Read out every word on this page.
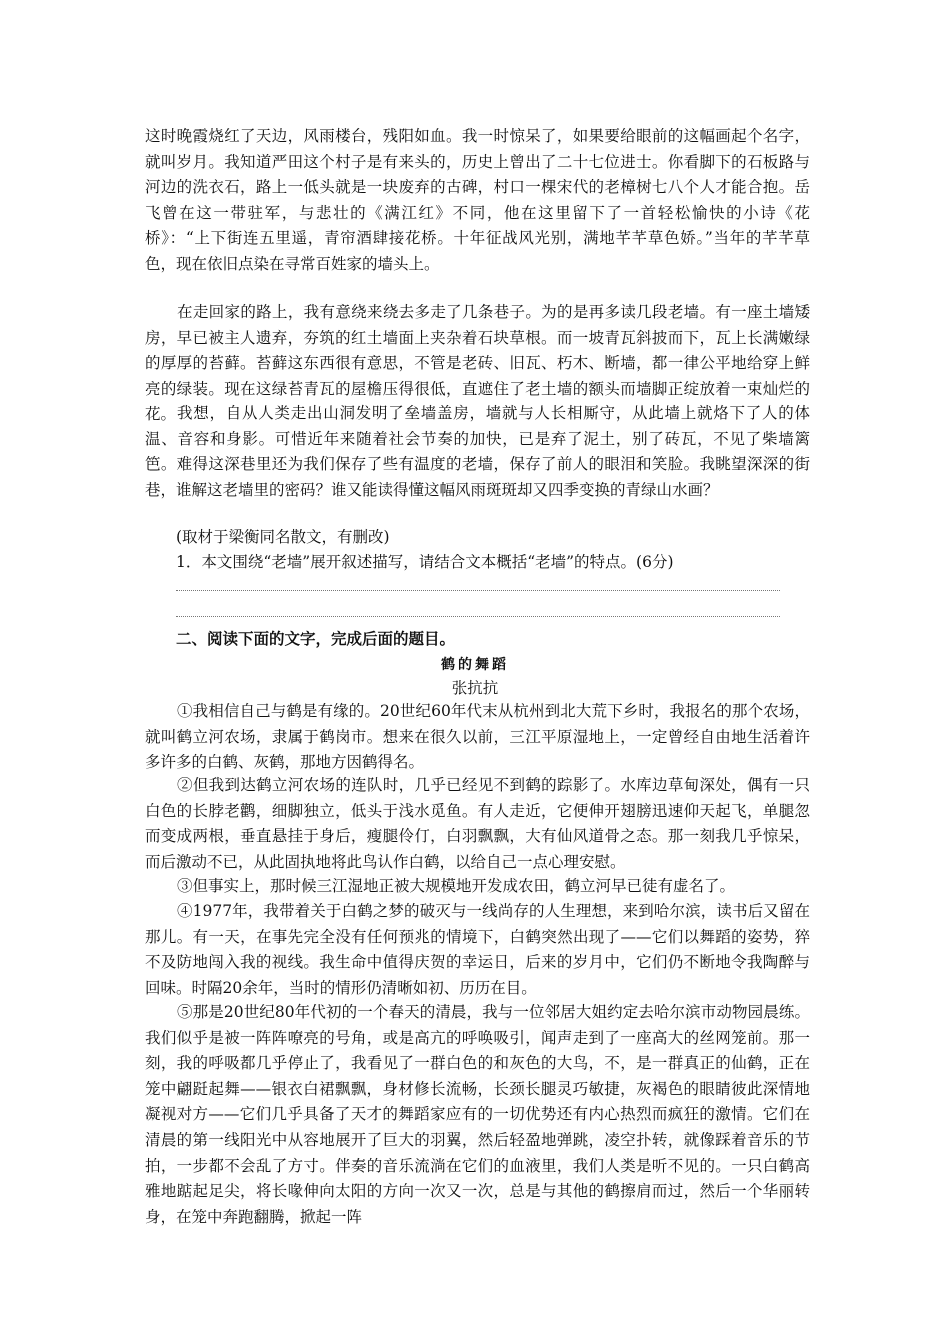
这时晚霞烧红了天边，风雨楼台，残阳如血。我一时惊呆了，如果要给眼前的这幅画起个名字，就叫岁月。我知道严田这个村子是有来头的，历史上曾出了二十七位进士。你看脚下的石板路与河边的洗衣石，路上一低头就是一块废弃的古碑，村口一棵宋代的老樟树七八个人才能合抱。岳飞曾在这一带驻军，与悲壮的《满江红》不同，他在这里留下了一首轻松愉快的小诗《花桥》：“上下街连五里遥，青帘酒肆接花桥。十年征战风光别，满地芊芊草色娇。”当年的芊芊草色，现在依旧点染在寻常百姓家的墙头上。

在走回家的路上，我有意绕来绕去多走了几条巷子。为的是再多读几段老墙。有一座土墙矮房，早已被主人遗弃，夯筑的红土墙面上夹杂着石块草根。而一坡青瓦斜披而下，瓦上长满嫩绿的厚厚的苔藓。苔藓这东西很有意思，不管是老砖、旧瓦、朽木、断墙，都一律公平地给穿上鲜亮的绿装。现在这绿苔青瓦的屋檐压得很低，直遮住了老土墙的额头而墙脚正绽放着一束灿烂的花。 我想，自从人类走出山洞发明了垒墙盖房，墙就与人长相厮守，从此墙上就烙下了人的体温、音容和身影。可惜近年来随着社会节奏的加快，已是弃了泥土，别了砖瓦，不见了柴墙篱笆。难得这深巷里还为我们保存了些有温度的老墙，保存了前人的眼泪和笑脸。我眺望深深的街巷，谁解这老墙里的密码？谁又能读得懂这幅风雨斑斑却又四季变换的青绿山水画？

(取材于梁衡同名散文，有删改)

1．本文围绕“老墙”展开叙述描写，请结合文本概括“老墙”的特点。(6分)

二、阅读下面的文字，完成后面的题目。

鹤的舞蹈

张抗抗

①我相信自己与鹤是有缘的。20世纪60年代末从杭州到北大荒下乡时，我报名的那个农场，就叫鹤立河农场，隶属于鹤岗市。想来在很久以前，三江平原湿地上，一定曾经自由地生活着许多许多的白鹤、灰鹤，那地方因鹤得名。

②但我到达鹤立河农场的连队时，几乎已经见不到鹤的踪影了。水库边草甸深处，偶有一只白色的长脖老鹳，细脚独立，低头于浅水觅鱼。有人走近，它便伸开翅膀迅速仰天起飞，单腿忽而变成两根，垂直悬挂于身后，瘦腿伶仃，白羽飘飘，大有仙风道骨之态。那一刻我几乎惊呆，而后激动不已，从此固执地将此鸟认作白鹤，以给自己一点心理安慰。

③但事实上，那时候三江湿地正被大规模地开发成农田，鹤立河早已徒有虚名了。

④1977年，我带着关于白鹤之梦的破灭与一线尚存的人生理想，来到哈尔滨，读书后又留在那儿。有一天，在事先完全没有任何预兆的情境下，白鹤突然出现了——它们以舞蹈的姿势，猝不及防地闯入我的视线。我生命中值得庆贺的幸运日，后来的岁月中，它们仍不断地令我陶醉与回味。时隔20余年，当时的情形仍清晰如初、历历在目。

⑤那是20世纪80年代初的一个春天的清晨，我与一位邻居大姐约定去哈尔滨市动物园晨练。我们似乎是被一阵阵嘹亮的号角，或是高亢的呼唤吸引，闻声走到了一座高大的丝网笼前。那一刻，我的呼吸都几乎停止了，我看见了一群白色的和灰色的大鸟，不，是一群真正的仙鹤，正在笼中翩跹起舞——银衣白裙飘飘，身材修长流畅，长颈长腿灵巧敏捷，灰褐色的眼睛彼此深情地凝视对方——它们几乎具备了天才的舞蹈家应有的一切优势还有内心热烈而疯狂的激情。它们在清晨的第一线阳光中从容地展开了巨大的羽翼，然后轻盈地弹跳，凌空扑转，就像踩着音乐的节拍，一步都不会乱了方寸。伴奏的音乐流淌在它们的血液里，我们人类是听不见的。一只白鹤高雅地踮起足尖，将长喙伸向太阳的方向一次又一次，总是与其他的鹤擦肩而过，然后一个华丽转身，在笼中奔跑翻腾，掀起一阵
